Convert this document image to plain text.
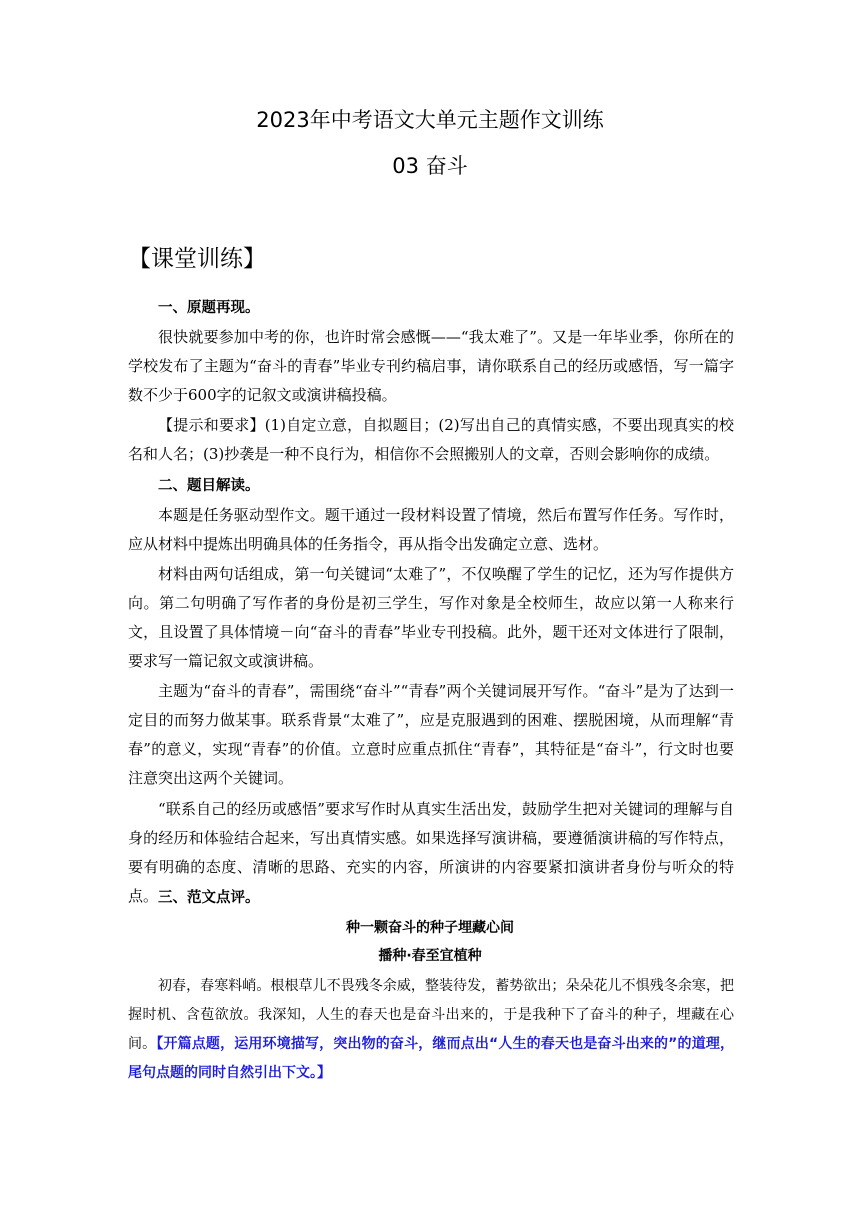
2023年中考语文大单元主题作文训练
03 奋斗
【课堂训练】
一、原题再现。
很快就要参加中考的你，也许时常会感慨——“我太难了”。又是一年毕业季，你所在的学校发布了主题为“奋斗的青春”毕业专刊约稿启事，请你联系自己的经历或感悟，写一篇字数不少于600字的记叙文或演讲稿投稿。
【提示和要求】(1)自定立意，自拟题目；(2)写出自己的真情实感，不要出现真实的校名和人名；(3)抄袭是一种不良行为，相信你不会照搬别人的文章，否则会影响你的成绩。
二、题目解读。
本题是任务驱动型作文。题干通过一段材料设置了情境，然后布置写作任务。写作时，应从材料中提炼出明确具体的任务指令，再从指令出发确定立意、选材。
材料由两句话组成，第一句关键词“太难了”，不仅唤醒了学生的记忆，还为写作提供方向。第二句明确了写作者的身份是初三学生，写作对象是全校师生，故应以第一人称来行文，且设置了具体情境－向“奋斗的青春”毕业专刊投稿。此外，题干还对文体进行了限制，要求写一篇记叙文或演讲稿。
主题为“奋斗的青春”，需围绕“奋斗”“青春”两个关键词展开写作。“奋斗”是为了达到一定目的而努力做某事。联系背景“太难了”，应是克服遇到的困难、摆脱困境，从而理解“青春”的意义，实现“青春”的价值。立意时应重点抓住“青春”，其特征是“奋斗”，行文时也要注意突出这两个关键词。
“联系自己的经历或感悟”要求写作时从真实生活出发，鼓励学生把对关键词的理解与自身的经历和体验结合起来，写出真情实感。如果选择写演讲稿，要遵循演讲稿的写作特点，要有明确的态度、清晰的思路、充实的内容，所演讲的内容要紧扣演讲者身份与听众的特点。 三、范文点评。
种一颗奋斗的种子埋藏心间
播种·春至宜植种
初春，春寒料峭。根根草儿不畏残冬余威，整装待发，蓄势欲出；朵朵花儿不惧残冬余寒，把握时机、含苞欲放。我深知，人生的春天也是奋斗出来的，于是我种下了奋斗的种子，埋藏在心间。【开篇点题，运用环境描写，突出物的奋斗，继而点出“人生的春天也是奋斗出来的”的道理，尾句点题的同时自然引出下文。】
